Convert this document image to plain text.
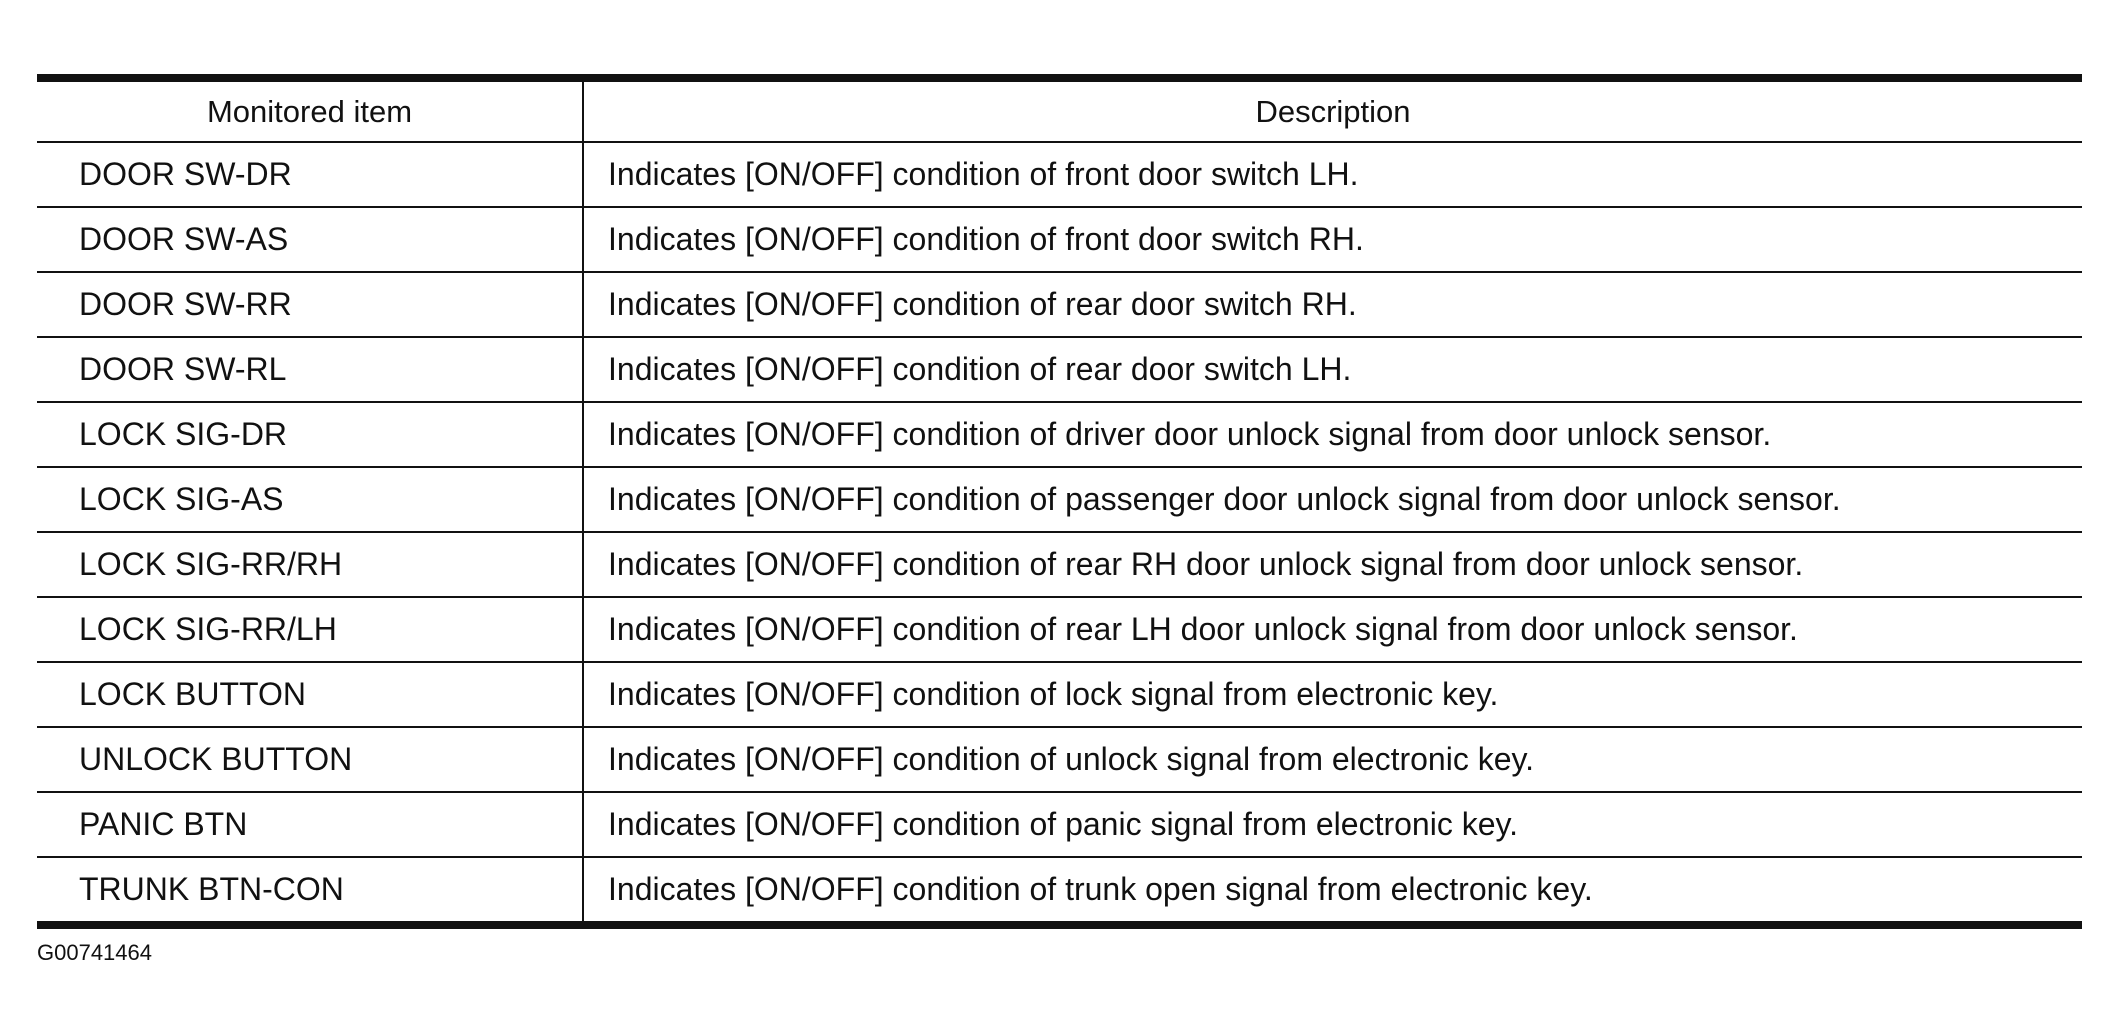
Monitored item	Description
DOOR SW-DR	Indicates [ON/OFF] condition of front door switch LH.
DOOR SW-AS	Indicates [ON/OFF] condition of front door switch RH.
DOOR SW-RR	Indicates [ON/OFF] condition of rear door switch RH.
DOOR SW-RL	Indicates [ON/OFF] condition of rear door switch LH.
LOCK SIG-DR	Indicates [ON/OFF] condition of driver door unlock signal from door unlock sensor.
LOCK SIG-AS	Indicates [ON/OFF] condition of passenger door unlock signal from door unlock sensor.
LOCK SIG-RR/RH	Indicates [ON/OFF] condition of rear RH door unlock signal from door unlock sensor.
LOCK SIG-RR/LH	Indicates [ON/OFF] condition of rear LH door unlock signal from door unlock sensor.
LOCK BUTTON	Indicates [ON/OFF] condition of lock signal from electronic key.
UNLOCK BUTTON	Indicates [ON/OFF] condition of unlock signal from electronic key.
PANIC BTN	Indicates [ON/OFF] condition of panic signal from electronic key.
TRUNK BTN-CON	Indicates [ON/OFF] condition of trunk open signal from electronic key.
G00741464
